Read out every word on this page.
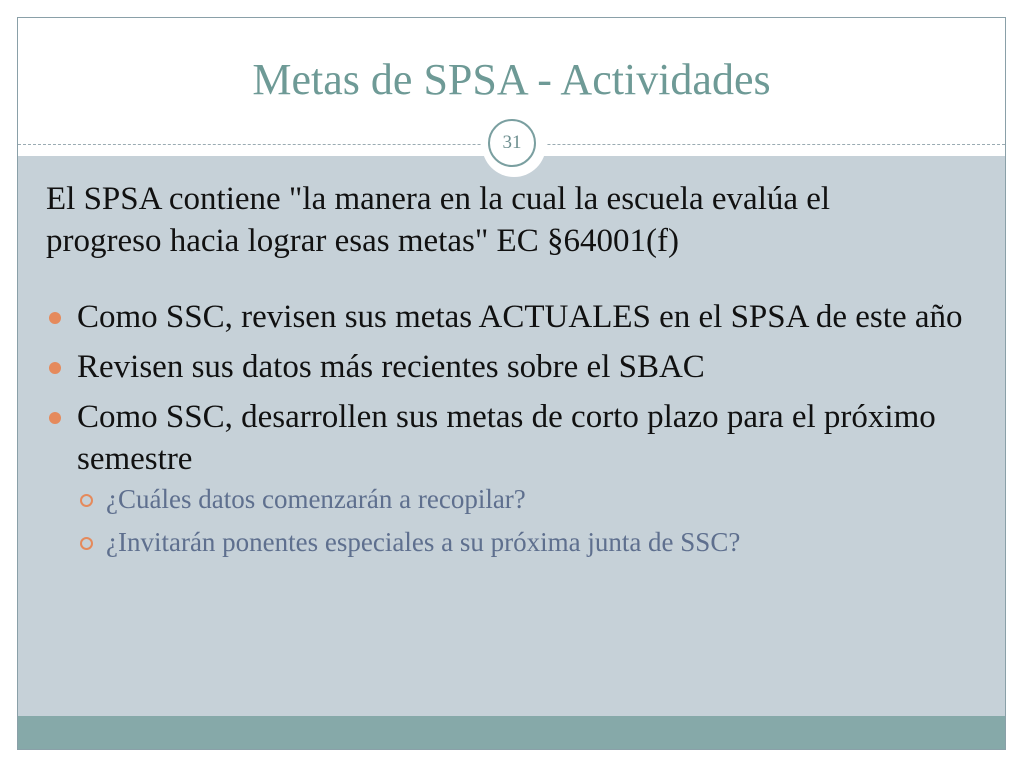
Metas de SPSA - Actividades
31

El SPSA contiene "la manera en la cual la escuela evalúa el progreso hacia lograr esas metas" EC §64001(f)

Como SSC, revisen sus metas ACTUALES en el SPSA de este año
Revisen sus datos más recientes sobre el SBAC
Como SSC, desarrollen sus metas de corto plazo para el próximo semestre
¿Cuáles datos comenzarán a recopilar?
¿Invitarán ponentes especiales a su próxima junta de SSC?
